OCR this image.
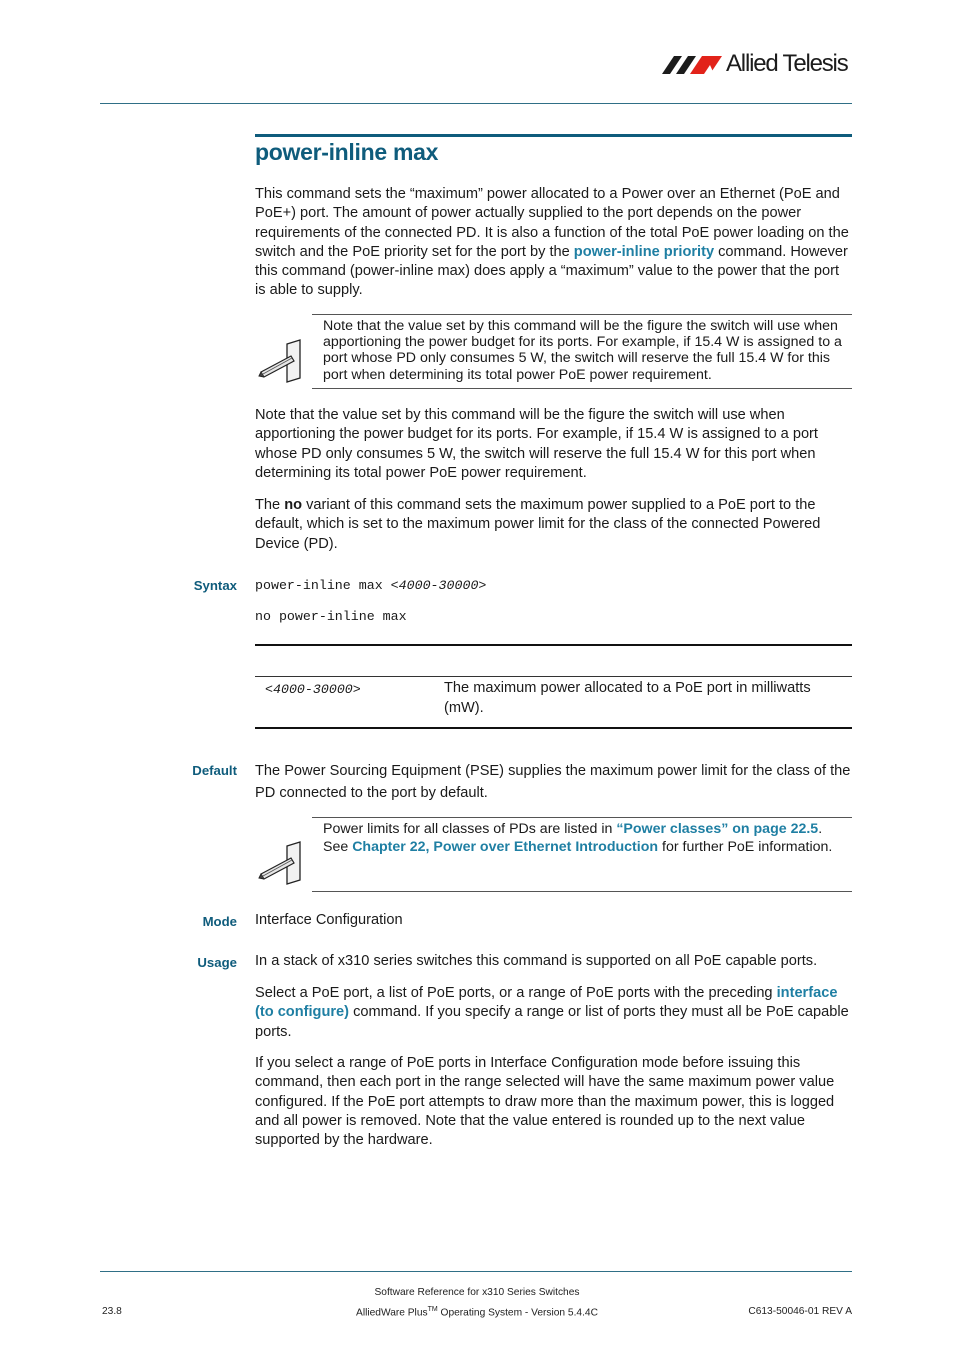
Allied Telesis
power-inline max

This command sets the “maximum” power allocated to a Power over an Ethernet (PoE and PoE+) port. The amount of power actually supplied to the port depends on the power requirements of the connected PD. It is also a function of the total PoE power loading on the switch and the PoE priority set for the port by the power-inline priority command. However this command (power-inline max) does apply a “maximum” value to the power that the port is able to supply.

Note that the value set by this command will be the figure the switch will use when apportioning the power budget for its ports. For example, if 15.4 W is assigned to a port whose PD only consumes 5 W, the switch will reserve the full 15.4 W for this port when determining its total power PoE power requirement.

Note that the value set by this command will be the figure the switch will use when apportioning the power budget for its ports. For example, if 15.4 W is assigned to a port whose PD only consumes 5 W, the switch will reserve the full 15.4 W for this port when determining its total power PoE power requirement.

The no variant of this command sets the maximum power supplied to a PoE port to the default, which is set to the maximum power limit for the class of the connected Powered Device (PD).

Syntax power-inline max <4000-30000>
no power-inline max
<4000-30000>	The maximum power allocated to a PoE port in milliwatts (mW).
Default The Power Sourcing Equipment (PSE) supplies the maximum power limit for the class of the PD connected to the port by default.

Power limits for all classes of PDs are listed in “Power classes” on page 22.5. See Chapter 22, Power over Ethernet Introduction for further PoE information.
Mode Interface Configuration

Usage In a stack of x310 series switches this command is supported on all PoE capable ports.

Select a PoE port, a list of PoE ports, or a range of PoE ports with the preceding interface (to configure) command. If you specify a range or list of ports they must all be PoE capable ports.

If you select a range of PoE ports in Interface Configuration mode before issuing this command, then each port in the range selected will have the same maximum power value configured. If the PoE port attempts to draw more than the maximum power, this is logged and all power is removed. Note that the value entered is rounded up to the next value supported by the hardware.

Software Reference for x310 Series Switches
23.8	AlliedWare Plus™ Operating System - Version 5.4.4C	C613-50046-01 REV A
